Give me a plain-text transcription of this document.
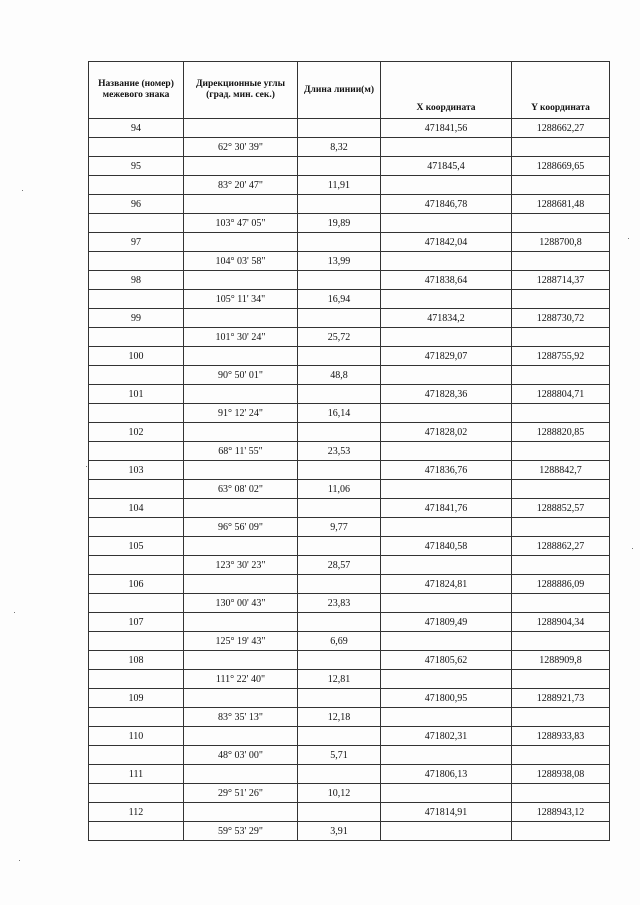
Название (номер) межевого знака	Дирекционные углы (град. мин. сек.)	Длина линии(м)	X координата	Y координата
94			471841,56	1288662,27
	62° 30' 39"	8,32		
95			471845,4	1288669,65
	83° 20' 47"	11,91		
96			471846,78	1288681,48
	103° 47' 05"	19,89		
97			471842,04	1288700,8
	104° 03' 58"	13,99		
98			471838,64	1288714,37
	105° 11' 34"	16,94		
99			471834,2	1288730,72
	101° 30' 24"	25,72		
100			471829,07	1288755,92
	90° 50' 01"	48,8		
101			471828,36	1288804,71
	91° 12' 24"	16,14		
102			471828,02	1288820,85
	68° 11' 55"	23,53		
103			471836,76	1288842,7
	63° 08' 02"	11,06		
104			471841,76	1288852,57
	96° 56' 09"	9,77		
105			471840,58	1288862,27
	123° 30' 23"	28,57		
106			471824,81	1288886,09
	130° 00' 43"	23,83		
107			471809,49	1288904,34
	125° 19' 43"	6,69		
108			471805,62	1288909,8
	111° 22' 40"	12,81		
109			471800,95	1288921,73
	83° 35' 13"	12,18		
110			471802,31	1288933,83
	48° 03' 00"	5,71		
111			471806,13	1288938,08
	29° 51' 26"	10,12		
112			471814,91	1288943,12
	59° 53' 29"	3,91		
